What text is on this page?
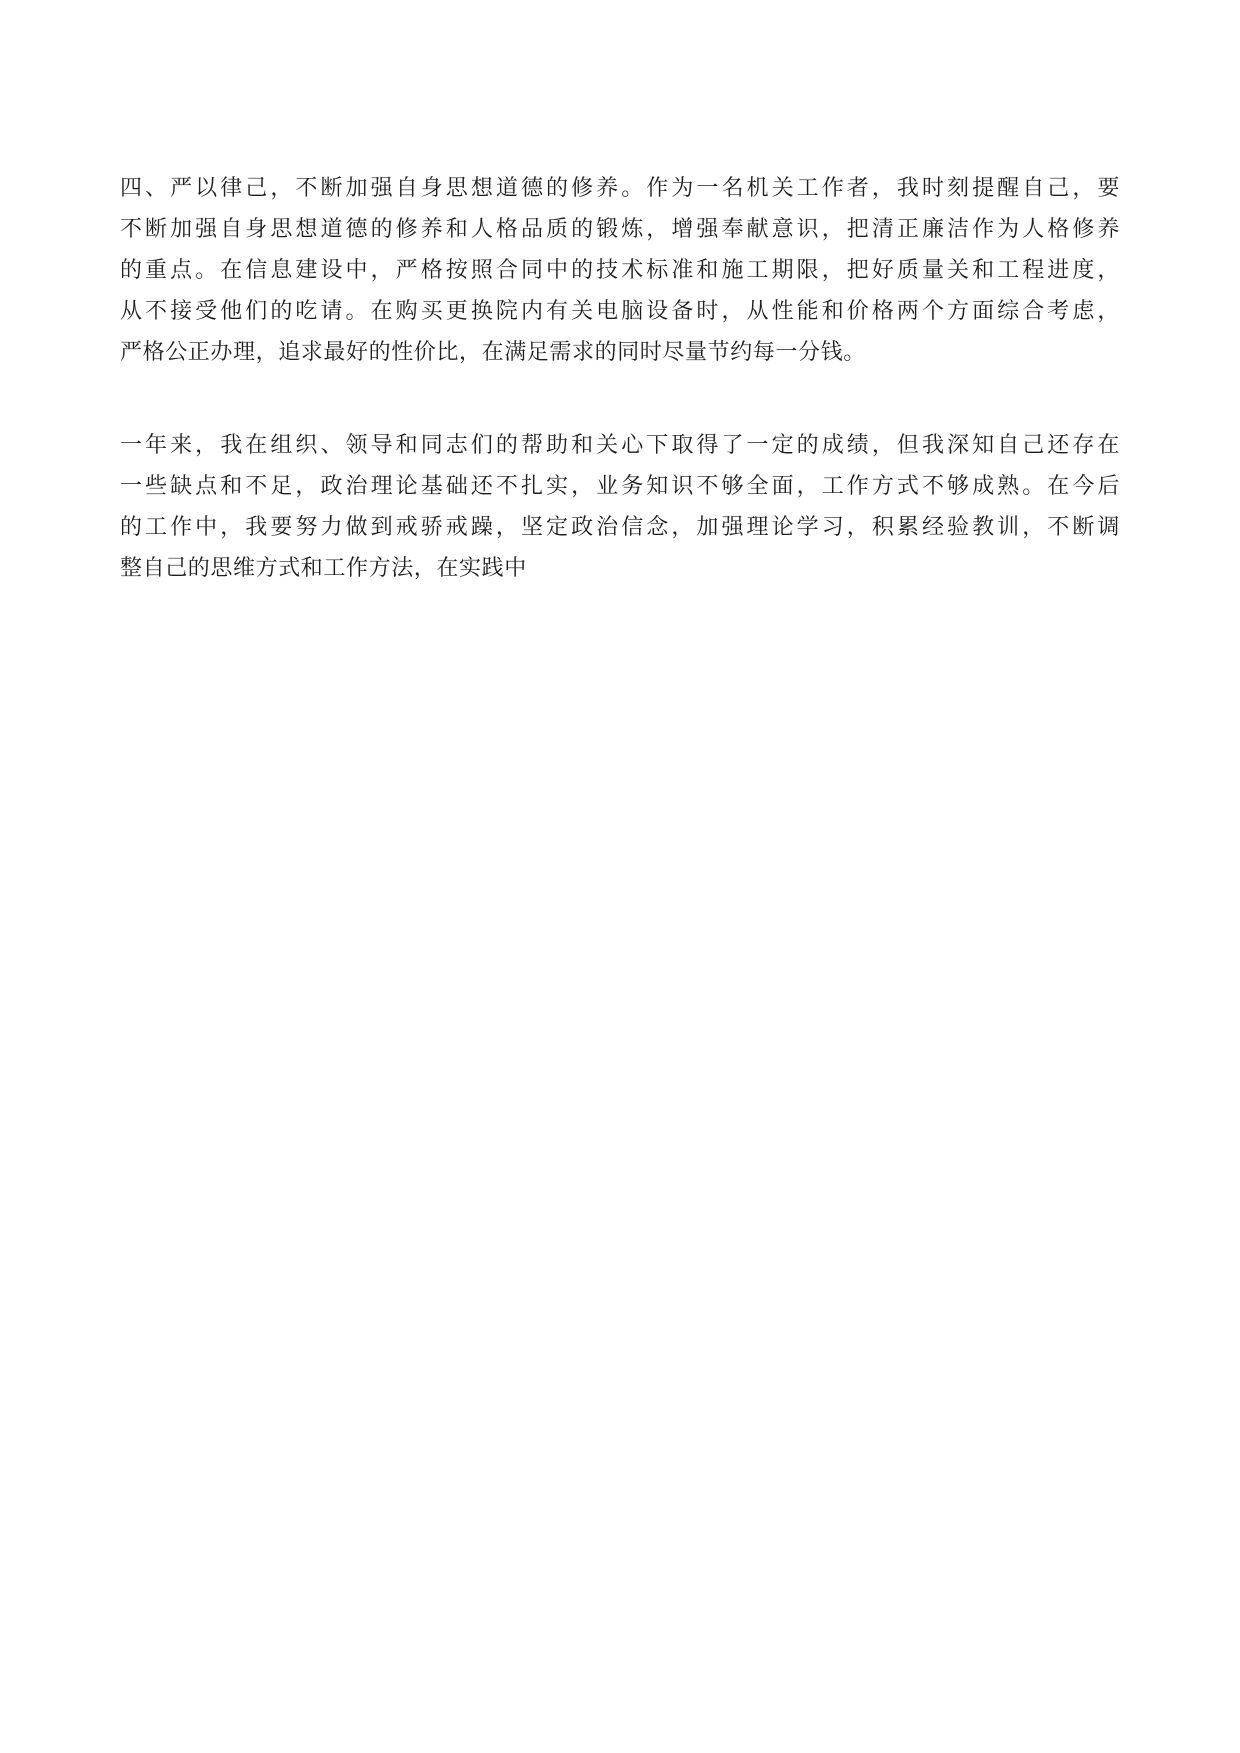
四、严以律己，不断加强自身思想道德的修养。作为一名机关工作者，我时刻提醒自己，要
不断加强自身思想道德的修养和人格品质的锻炼，增强奉献意识，把清正廉洁作为人格修养
的重点。在信息建设中，严格按照合同中的技术标准和施工期限，把好质量关和工程进度，
从不接受他们的吃请。在购买更换院内有关电脑设备时，从性能和价格两个方面综合考虑，
严格公正办理，追求最好的性价比，在满足需求的同时尽量节约每一分钱。

一年来，我在组织、领导和同志们的帮助和关心下取得了一定的成绩，但我深知自己还存在
一些缺点和不足，政治理论基础还不扎实，业务知识不够全面，工作方式不够成熟。在今后
的工作中，我要努力做到戒骄戒躁，坚定政治信念，加强理论学习，积累经验教训，不断调
整自己的思维方式和工作方法，在实践中
